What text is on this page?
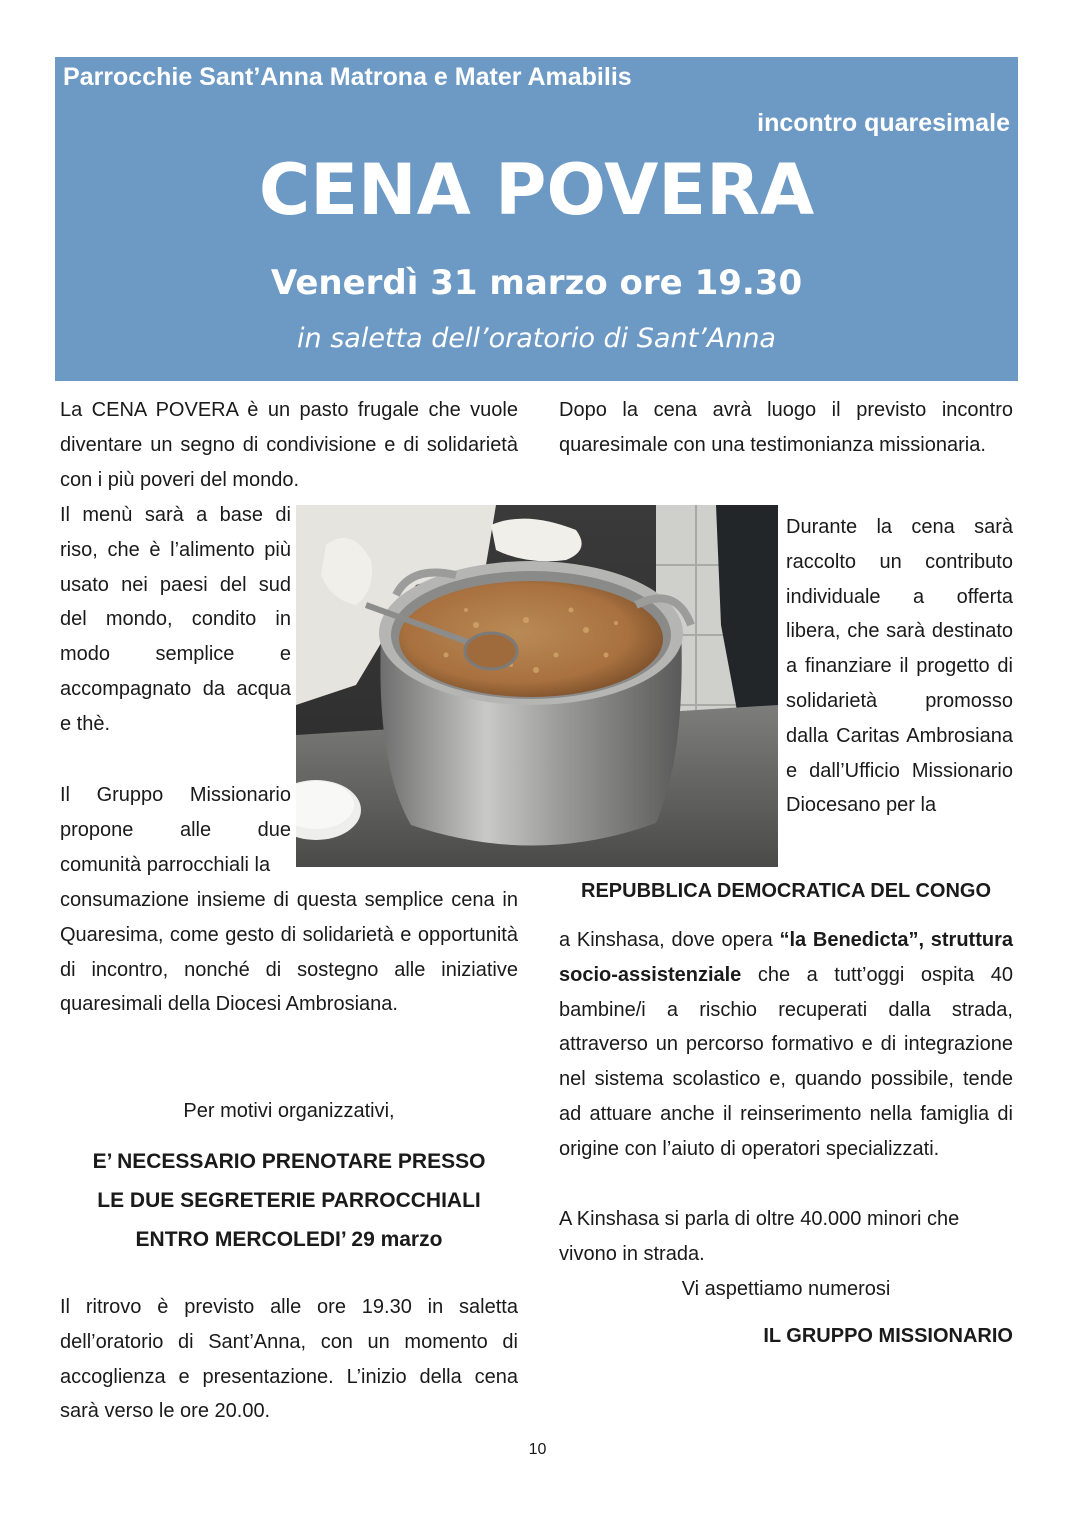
Parrocchie Sant’Anna Matrona e Mater Amabilis
incontro quaresimale
CENA POVERA
Venerdì 31 marzo ore 19.30
in saletta dell’oratorio di Sant’Anna

La CENA POVERA è un pasto frugale che vuole diventare un segno di condivisione e di solidarietà con i più poveri del mondo.

Il menù sarà a base di riso, che è l’alimento più usato nei paesi del sud del mondo, condito in modo semplice e accompagnato da acqua e thè.

Il Gruppo Missionario propone alle due comunità parrocchiali la

consumazione insieme di questa semplice cena in Quaresima, come gesto di solidarietà e opportunità di incontro, nonché di sostegno alle iniziative quaresimali della Diocesi Ambrosiana.

Per motivi organizzativi,

E’ NECESSARIO PRENOTARE PRESSO

LE DUE SEGRETERIE PARROCCHIALI

ENTRO MERCOLEDI’ 29 marzo

Il ritrovo è previsto alle ore 19.30 in saletta dell’oratorio di Sant’Anna, con un momento di accoglienza e presentazione. L’inizio della cena sarà verso le ore 20.00.

Dopo la cena avrà luogo il previsto incontro quaresimale con una testimonianza missionaria.

Durante la cena sarà raccolto un contributo individuale a offerta libera, che sarà destinato a finanziare il progetto di solidarietà promosso dalla Caritas Ambrosiana e dall’Ufficio Missionario Diocesano per la

REPUBBLICA DEMOCRATICA DEL CONGO

a Kinshasa, dove opera “la Benedicta”, struttura socio-assistenziale che a tutt’oggi ospita 40 bambine/i a rischio recuperati dalla strada, attraverso un percorso formativo e di integrazione nel sistema scolastico e, quando possibile, tende ad attuare anche il reinserimento nella famiglia di origine con l’aiuto di operatori specializzati.

A Kinshasa si parla di oltre 40.000 minori che vivono in strada.

Vi aspettiamo numerosi

IL GRUPPO MISSIONARIO

10
